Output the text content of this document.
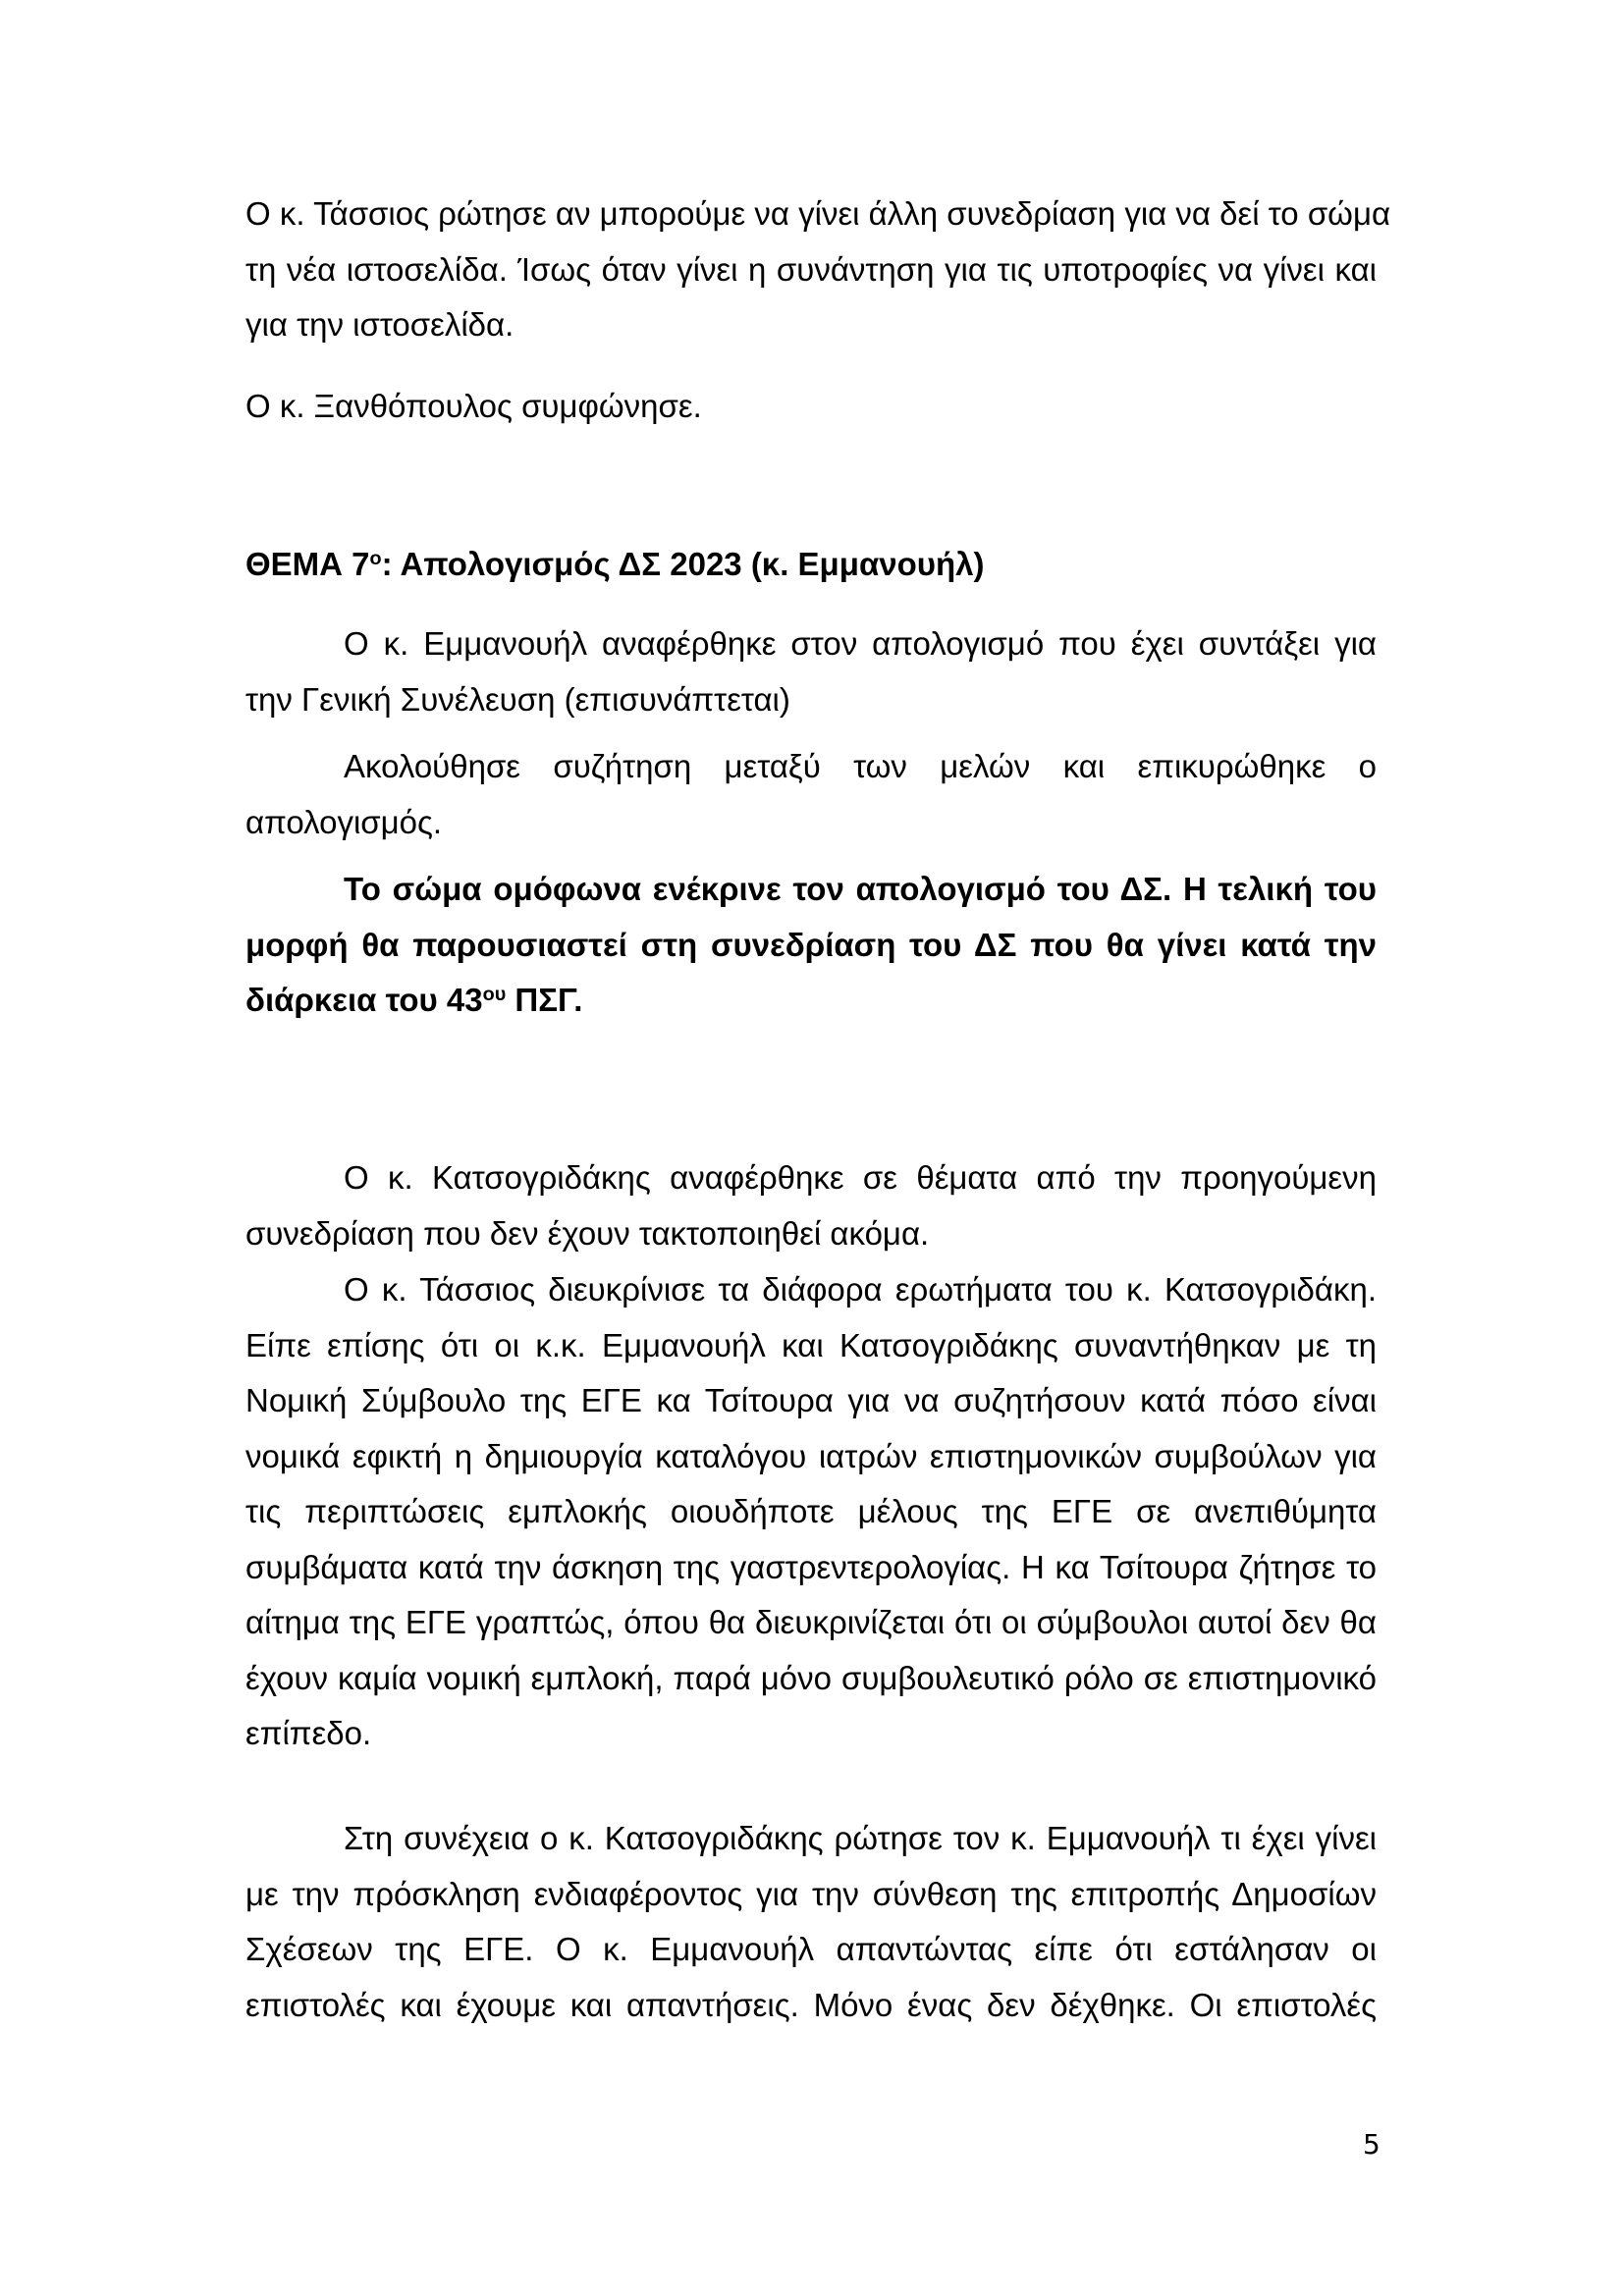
Ο κ. Τάσσιος ρώτησε αν μπορούμε να γίνει άλλη συνεδρίαση για να δεί το σώμα
τη νέα ιστοσελίδα. Ίσως όταν γίνει η συνάντηση για τις υποτροφίες να γίνει και
για την ιστοσελίδα.
Ο κ. Ξανθόπουλος συμφώνησε.
ΘΕΜΑ $7^o$: Απολογισμός ΔΣ 2023 (κ. Εμμανουήλ)
Ο κ. Εμμανουήλ αναφέρθηκε στον απολογισμό που έχει συντάξει για
την Γενική Συνέλευση (επισυνάπτεται)
Ακολούθησε συζήτηση μεταξύ των μελών και επικυρώθηκε ο
απολογισμός.
Το σώμα ομόφωνα ενέκρινε τον απολογισμό του ΔΣ. Η τελική του
μορφή θα παρουσιαστεί στη συνεδρίαση του ΔΣ που θα γίνει κατά την
διάρκεια του $43^{o\upsilon}$ ΠΣΓ.
Ο κ. Κατσογριδάκης αναφέρθηκε σε θέματα από την προηγούμενη
συνεδρίαση που δεν έχουν τακτοποιηθεί ακόμα.
Ο κ. Τάσσιος διευκρίνισε τα διάφορα ερωτήματα του κ. Κατσογριδάκη.
Είπε επίσης ότι οι κ.κ. Εμμανουήλ και Κατσογριδάκης συναντήθηκαν με τη
Νομική Σύμβουλο της ΕΓΕ κα Τσίτουρα για να συζητήσουν κατά πόσο είναι
νομικά εφικτή η δημιουργία καταλόγου ιατρών επιστημονικών συμβούλων για
τις περιπτώσεις εμπλοκής οιουδήποτε μέλους της ΕΓΕ σε ανεπιθύμητα
συμβάματα κατά την άσκηση της γαστρεντερολογίας. Η κα Τσίτουρα ζήτησε το
αίτημα της ΕΓΕ γραπτώς, όπου θα διευκρινίζεται ότι οι σύμβουλοι αυτοί δεν θα
έχουν καμία νομική εμπλοκή, παρά μόνο συμβουλευτικό ρόλο σε επιστημονικό
επίπεδο.
Στη συνέχεια ο κ. Κατσογριδάκης ρώτησε τον κ. Εμμανουήλ τι έχει γίνει
με την πρόσκληση ενδιαφέροντος για την σύνθεση της επιτροπής Δημοσίων
Σχέσεων της ΕΓΕ. Ο κ. Εμμανουήλ απαντώντας είπε ότι εστάλησαν οι
επιστολές και έχουμε και απαντήσεις. Μόνο ένας δεν δέχθηκε. Οι επιστολές
5
